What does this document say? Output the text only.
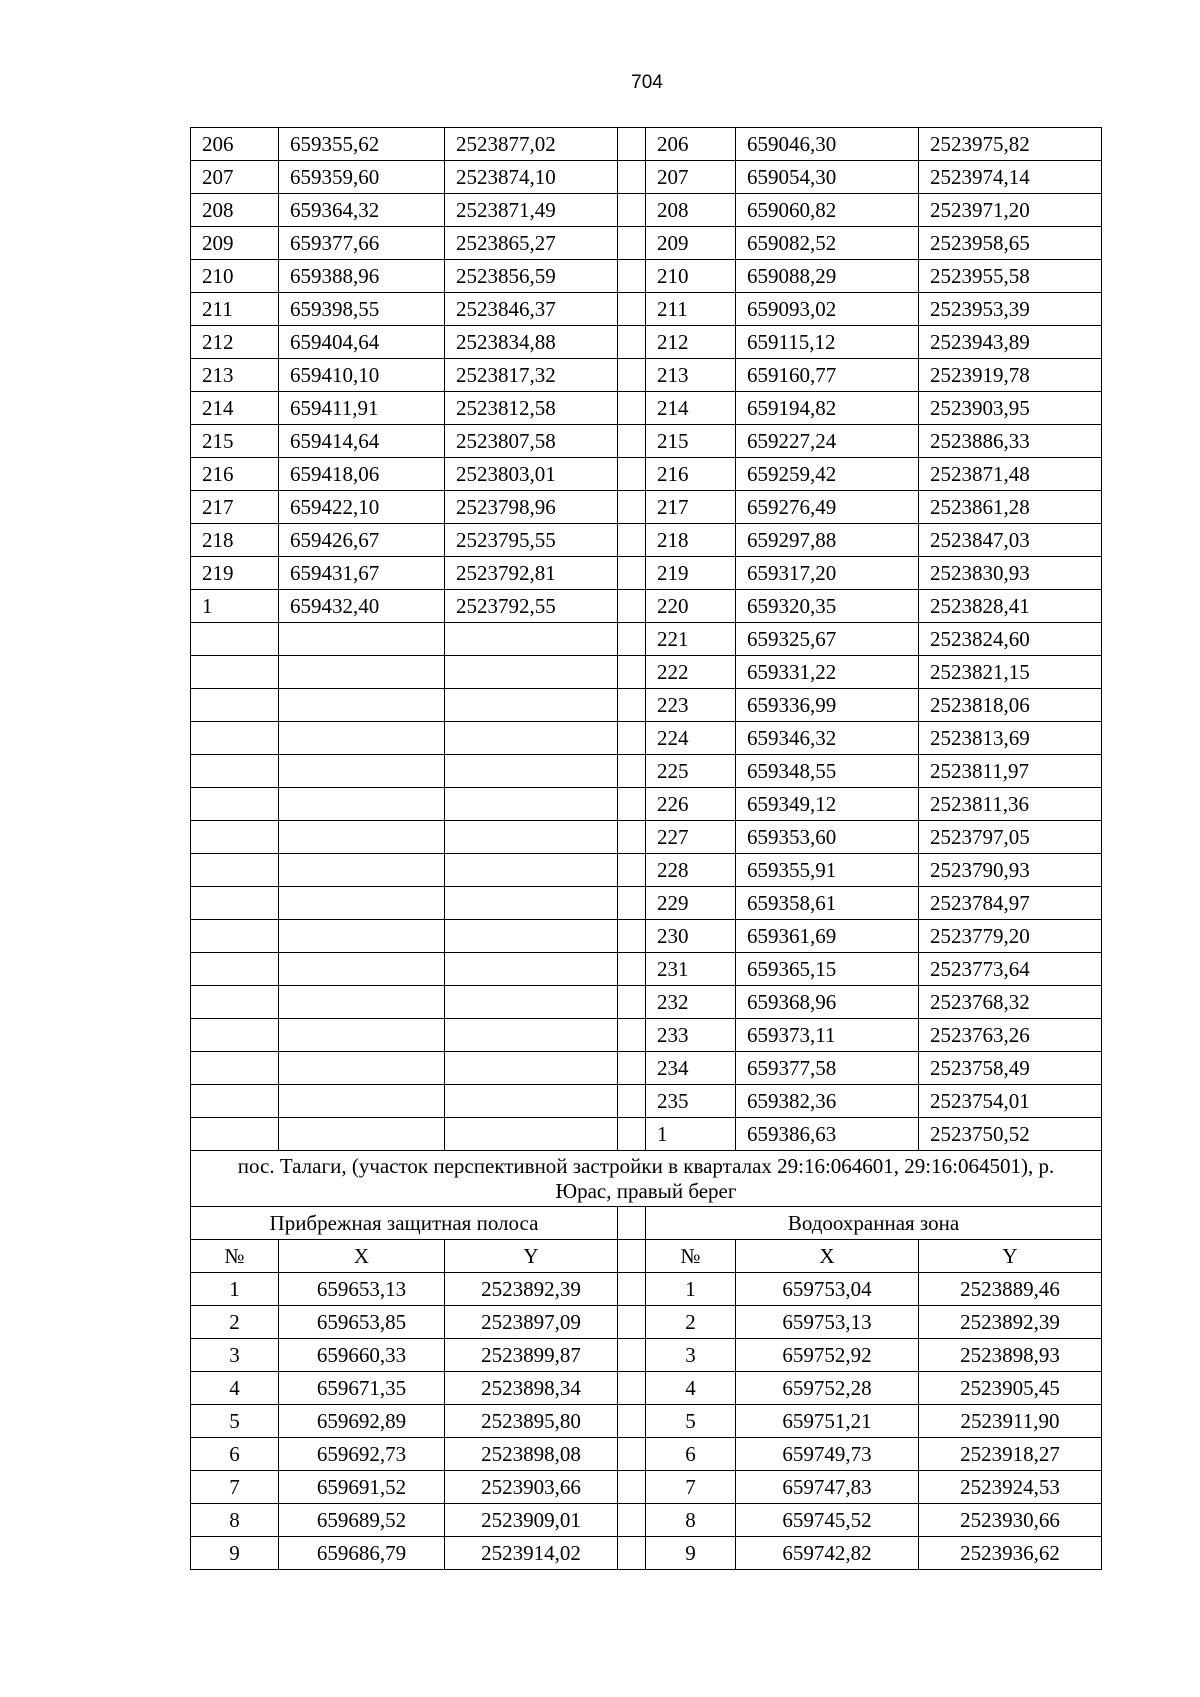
704
206	659355,62	2523877,02		206	659046,30	2523975,82
207	659359,60	2523874,10		207	659054,30	2523974,14
208	659364,32	2523871,49		208	659060,82	2523971,20
209	659377,66	2523865,27		209	659082,52	2523958,65
210	659388,96	2523856,59		210	659088,29	2523955,58
211	659398,55	2523846,37		211	659093,02	2523953,39
212	659404,64	2523834,88		212	659115,12	2523943,89
213	659410,10	2523817,32		213	659160,77	2523919,78
214	659411,91	2523812,58		214	659194,82	2523903,95
215	659414,64	2523807,58		215	659227,24	2523886,33
216	659418,06	2523803,01		216	659259,42	2523871,48
217	659422,10	2523798,96		217	659276,49	2523861,28
218	659426,67	2523795,55		218	659297,88	2523847,03
219	659431,67	2523792,81		219	659317,20	2523830,93
1	659432,40	2523792,55		220	659320,35	2523828,41
				221	659325,67	2523824,60
				222	659331,22	2523821,15
				223	659336,99	2523818,06
				224	659346,32	2523813,69
				225	659348,55	2523811,97
				226	659349,12	2523811,36
				227	659353,60	2523797,05
				228	659355,91	2523790,93
				229	659358,61	2523784,97
				230	659361,69	2523779,20
				231	659365,15	2523773,64
				232	659368,96	2523768,32
				233	659373,11	2523763,26
				234	659377,58	2523758,49
				235	659382,36	2523754,01
				1	659386,63	2523750,52
пос. Талаги, (участок перспективной застройки в кварталах 29:16:064601, 29:16:064501), р. Юрас, правый берег						
Прибрежная защитная полоса				Водоохранная зона		
№	X	Y		№	X	Y
1	659653,13	2523892,39		1	659753,04	2523889,46
2	659653,85	2523897,09		2	659753,13	2523892,39
3	659660,33	2523899,87		3	659752,92	2523898,93
4	659671,35	2523898,34		4	659752,28	2523905,45
5	659692,89	2523895,80		5	659751,21	2523911,90
6	659692,73	2523898,08		6	659749,73	2523918,27
7	659691,52	2523903,66		7	659747,83	2523924,53
8	659689,52	2523909,01		8	659745,52	2523930,66
9	659686,79	2523914,02		9	659742,82	2523936,62
